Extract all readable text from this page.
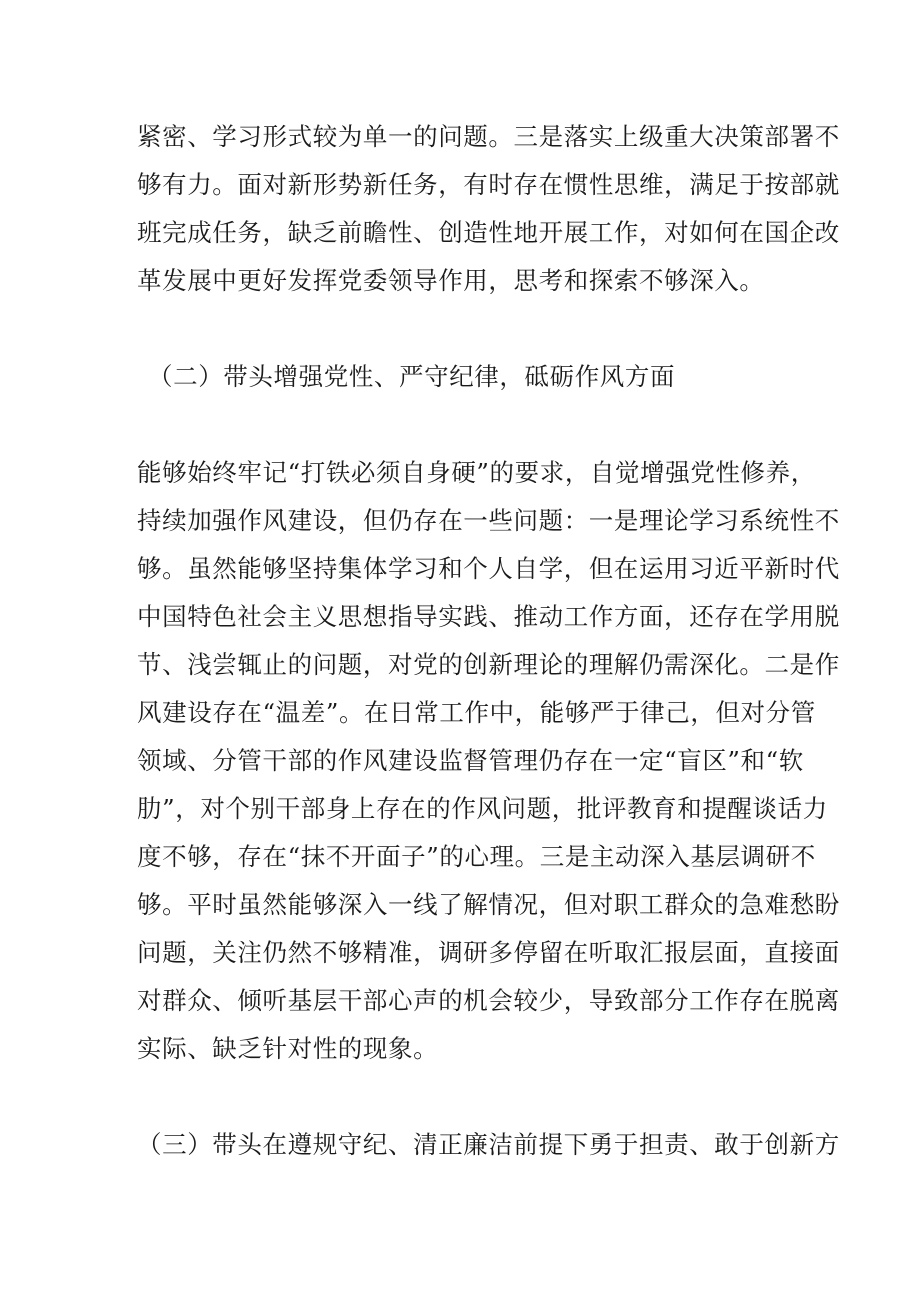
紧密、学习形式较为单一的问题。三是落实上级重大决策部署不
够有力。面对新形势新任务，有时存在惯性思维，满足于按部就
班完成任务，缺乏前瞻性、创造性地开展工作，对如何在国企改
革发展中更好发挥党委领导作用，思考和探索不够深入。
（二）带头增强党性、严守纪律，砥砺作风方面
能够始终牢记“打铁必须自身硬”的要求，自觉增强党性修养，
持续加强作风建设，但仍存在一些问题：一是理论学习系统性不
够。虽然能够坚持集体学习和个人自学，但在运用习近平新时代
中国特色社会主义思想指导实践、推动工作方面，还存在学用脱
节、浅尝辄止的问题，对党的创新理论的理解仍需深化。二是作
风建设存在“温差”。在日常工作中，能够严于律己，但对分管
领域、分管干部的作风建设监督管理仍存在一定“盲区”和“软
肋”，对个别干部身上存在的作风问题，批评教育和提醒谈话力
度不够，存在“抹不开面子”的心理。三是主动深入基层调研不
够。平时虽然能够深入一线了解情况，但对职工群众的急难愁盼
问题，关注仍然不够精准，调研多停留在听取汇报层面，直接面
对群众、倾听基层干部心声的机会较少，导致部分工作存在脱离
实际、缺乏针对性的现象。
（三）带头在遵规守纪、清正廉洁前提下勇于担责、敢于创新方
